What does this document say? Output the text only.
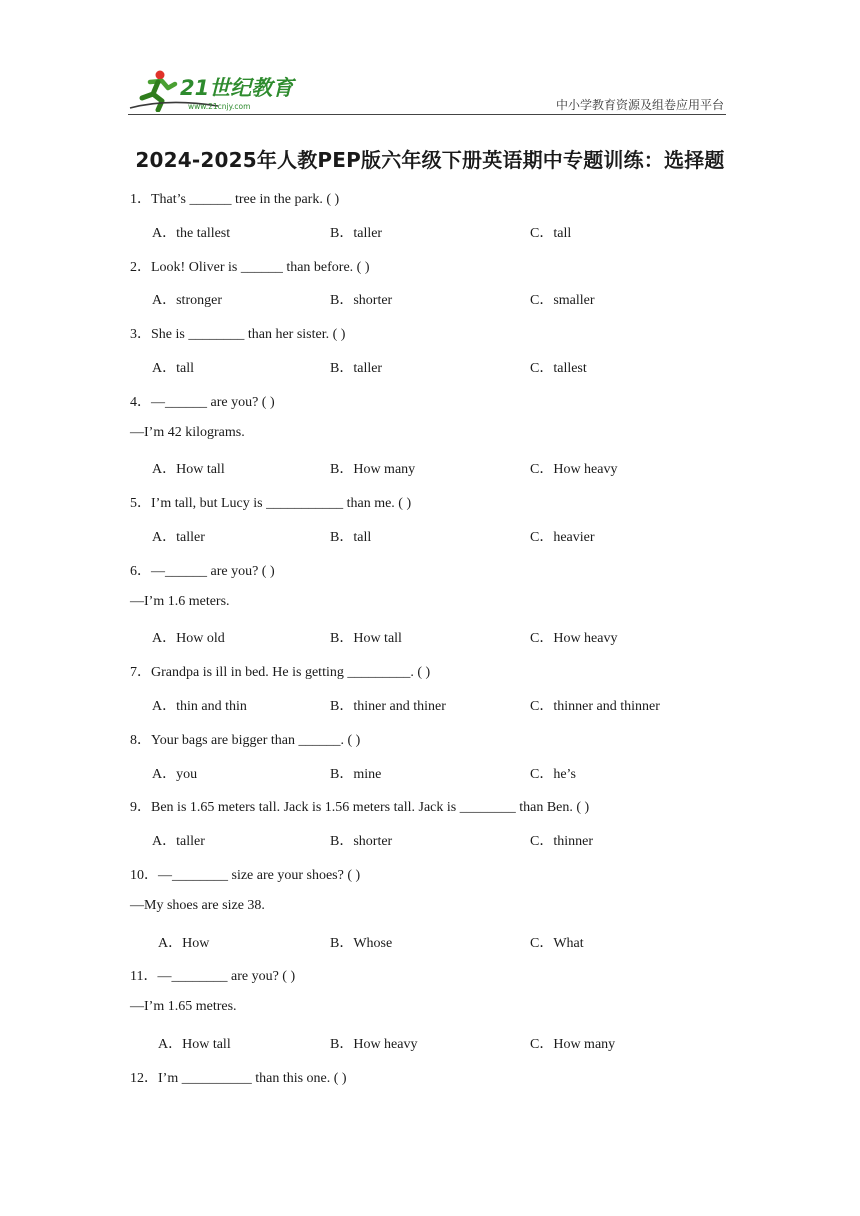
21世纪教育
www.21cnjy.com	中小学教育资源及组卷应用平台
2024-2025年人教PEP版六年级下册英语期中专题训练：选择题
1．That’s ______ tree in the park. ( )
A．the tallest	B．taller	C．tall
2．Look! Oliver is ______ than before. ( )
A．stronger	B．shorter	C．smaller
3．She is ________ than her sister. ( )
A．tall	B．taller	C．tallest
4．—______ are you? ( )
—I’m 42 kilograms.
A．How tall	B．How many	C．How heavy
5．I’m tall, but Lucy is ___________ than me. ( )
A．taller	B．tall	C．heavier
6．—______ are you? ( )
—I’m 1.6 meters.
A．How old	B．How tall	C．How heavy
7．Grandpa is ill in bed. He is getting _________. ( )
A．thin and thin	B．thiner and thiner	C．thinner and thinner
8．Your bags are bigger than ______. ( )
A．you	B．mine	C．he’s
9．Ben is 1.65 meters tall. Jack is 1.56 meters tall. Jack is ________ than Ben. ( )
A．taller	B．shorter	C．thinner
10．—________ size are your shoes? ( )
—My shoes are size 38.
A．How	B．Whose	C．What
11．—________ are you? ( )
—I’m 1.65 metres.
A．How tall	B．How heavy	C．How many
12．I’m __________ than this one. ( )
